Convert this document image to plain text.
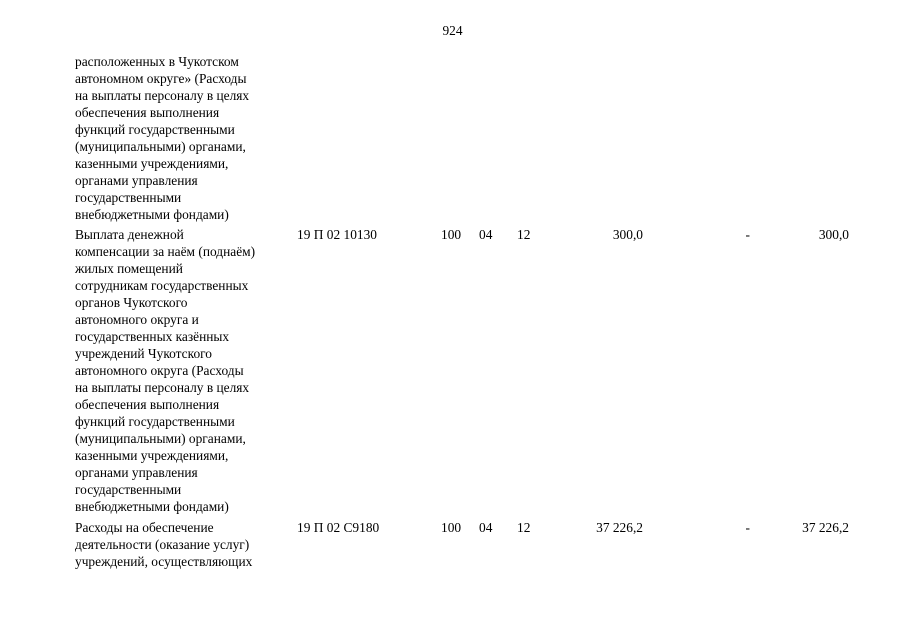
924
расположенных в Чукотском
автономном округе» (Расходы
на выплаты персоналу в целях
обеспечения выполнения
функций государственными
(муниципальными) органами,
казенными учреждениями,
органами управления
государственными
внебюджетными фондами)
Выплата денежной
компенсации за наём (поднаём)
жилых помещений
сотрудникам государственных
органов Чукотского
автономного округа и
государственных казённых
учреждений Чукотского
автономного округа (Расходы
на выплаты персоналу в целях
обеспечения выполнения
функций государственными
(муниципальными) органами,
казенными учреждениями,
органами управления
государственными
внебюджетными фондами)
19 П 02 10130	100 04 12	300,0	-	300,0
Расходы на обеспечение
деятельности (оказание услуг)
учреждений, осуществляющих
19 П 02 С9180	100 04 12	37 226,2	-	37 226,2
